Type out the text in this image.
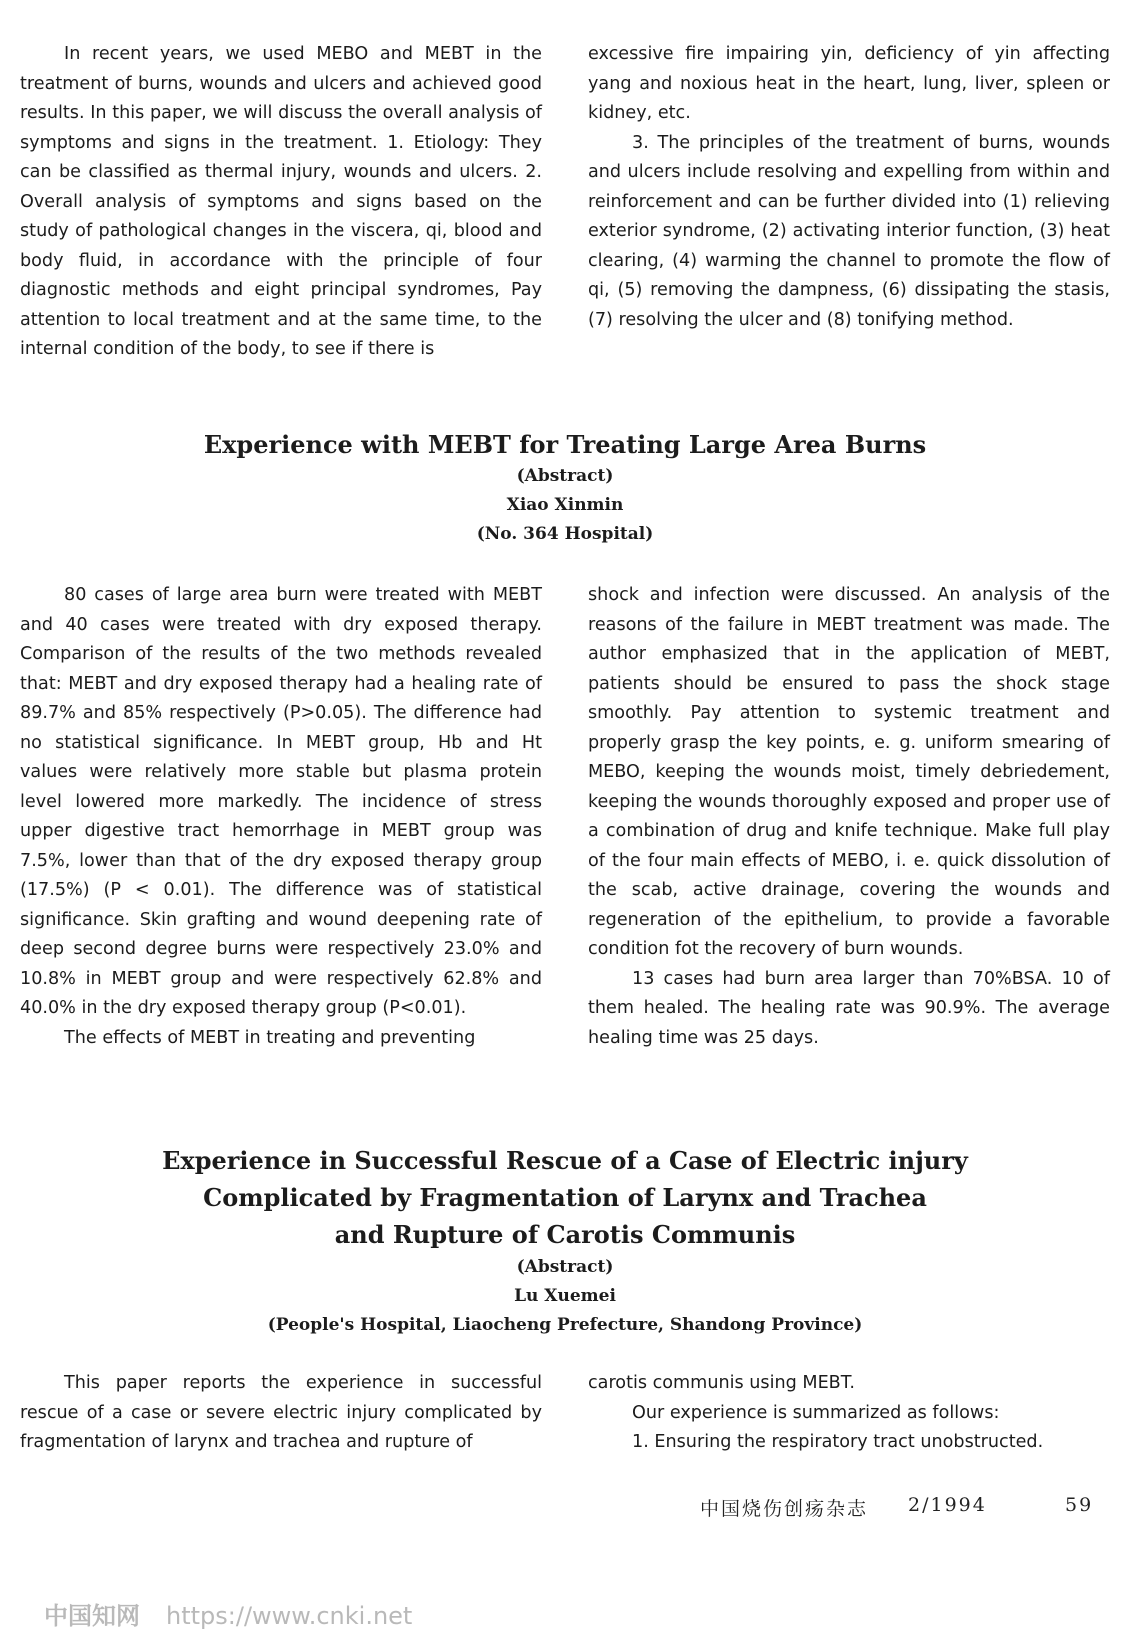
In recent years, we used MEBO and MEBT in the treatment of burns, wounds and ulcers and achieved good results. In this paper, we will discuss the overall analysis of symptoms and signs in the treatment. 1. Etiology: They can be classified as thermal injury, wounds and ulcers. 2. Overall analysis of symptoms and signs based on the study of pathological changes in the viscera, qi, blood and body fluid, in accordance with the principle of four diagnostic methods and eight principal syndromes, Pay attention to local treatment and at the same time, to the internal condition of the body, to see if there is

excessive fire impairing yin, deficiency of yin affecting yang and noxious heat in the heart, lung, liver, spleen or kidney, etc.

3. The principles of the treatment of burns, wounds and ulcers include resolving and expelling from within and reinforcement and can be further divided into (1) relieving exterior syndrome, (2) activating interior function, (3) heat clearing, (4) warming the channel to promote the flow of qi, (5) removing the dampness, (6) dissipating the stasis, (7) resolving the ulcer and (8) tonifying method.

Experience with MEBT for Treating Large Area Burns
(Abstract)
Xiao Xinmin
(No. 364 Hospital)

80 cases of large area burn were treated with MEBT and 40 cases were treated with dry exposed therapy. Comparison of the results of the two methods revealed that: MEBT and dry exposed therapy had a healing rate of 89.7% and 85% respectively (P>0.05). The difference had no statistical significance. In MEBT group, Hb and Ht values were relatively more stable but plasma protein level lowered more markedly. The incidence of stress upper digestive tract hemorrhage in MEBT group was 7.5%, lower than that of the dry exposed therapy group (17.5%) (P < 0.01). The difference was of statistical significance. Skin grafting and wound deepening rate of deep second degree burns were respectively 23.0% and 10.8% in MEBT group and were respectively 62.8% and 40.0% in the dry exposed therapy group (P<0.01).

The effects of MEBT in treating and preventing

shock and infection were discussed. An analysis of the reasons of the failure in MEBT treatment was made. The author emphasized that in the application of MEBT, patients should be ensured to pass the shock stage smoothly. Pay attention to systemic treatment and properly grasp the key points, e. g. uniform smearing of MEBO, keeping the wounds moist, timely debriedement, keeping the wounds thoroughly exposed and proper use of a combination of drug and knife technique. Make full play of the four main effects of MEBO, i. e. quick dissolution of the scab, active drainage, covering the wounds and regeneration of the epithelium, to provide a favorable condition fot the recovery of burn wounds.

13 cases had burn area larger than 70%BSA. 10 of them healed. The healing rate was 90.9%. The average healing time was 25 days.

Experience in Successful Rescue of a Case of Electric injury
Complicated by Fragmentation of Larynx and Trachea
and Rupture of Carotis Communis
(Abstract)
Lu Xuemei
(People's Hospital, Liaocheng Prefecture, Shandong Province)

This paper reports the experience in successful rescue of a case or severe electric injury complicated by fragmentation of larynx and trachea and rupture of

carotis communis using MEBT.

Our experience is summarized as follows:

1. Ensuring the respiratory tract unobstructed.

中国烧伤创疡杂志 2/1994	59
中国知网 https://www.cnki.net
